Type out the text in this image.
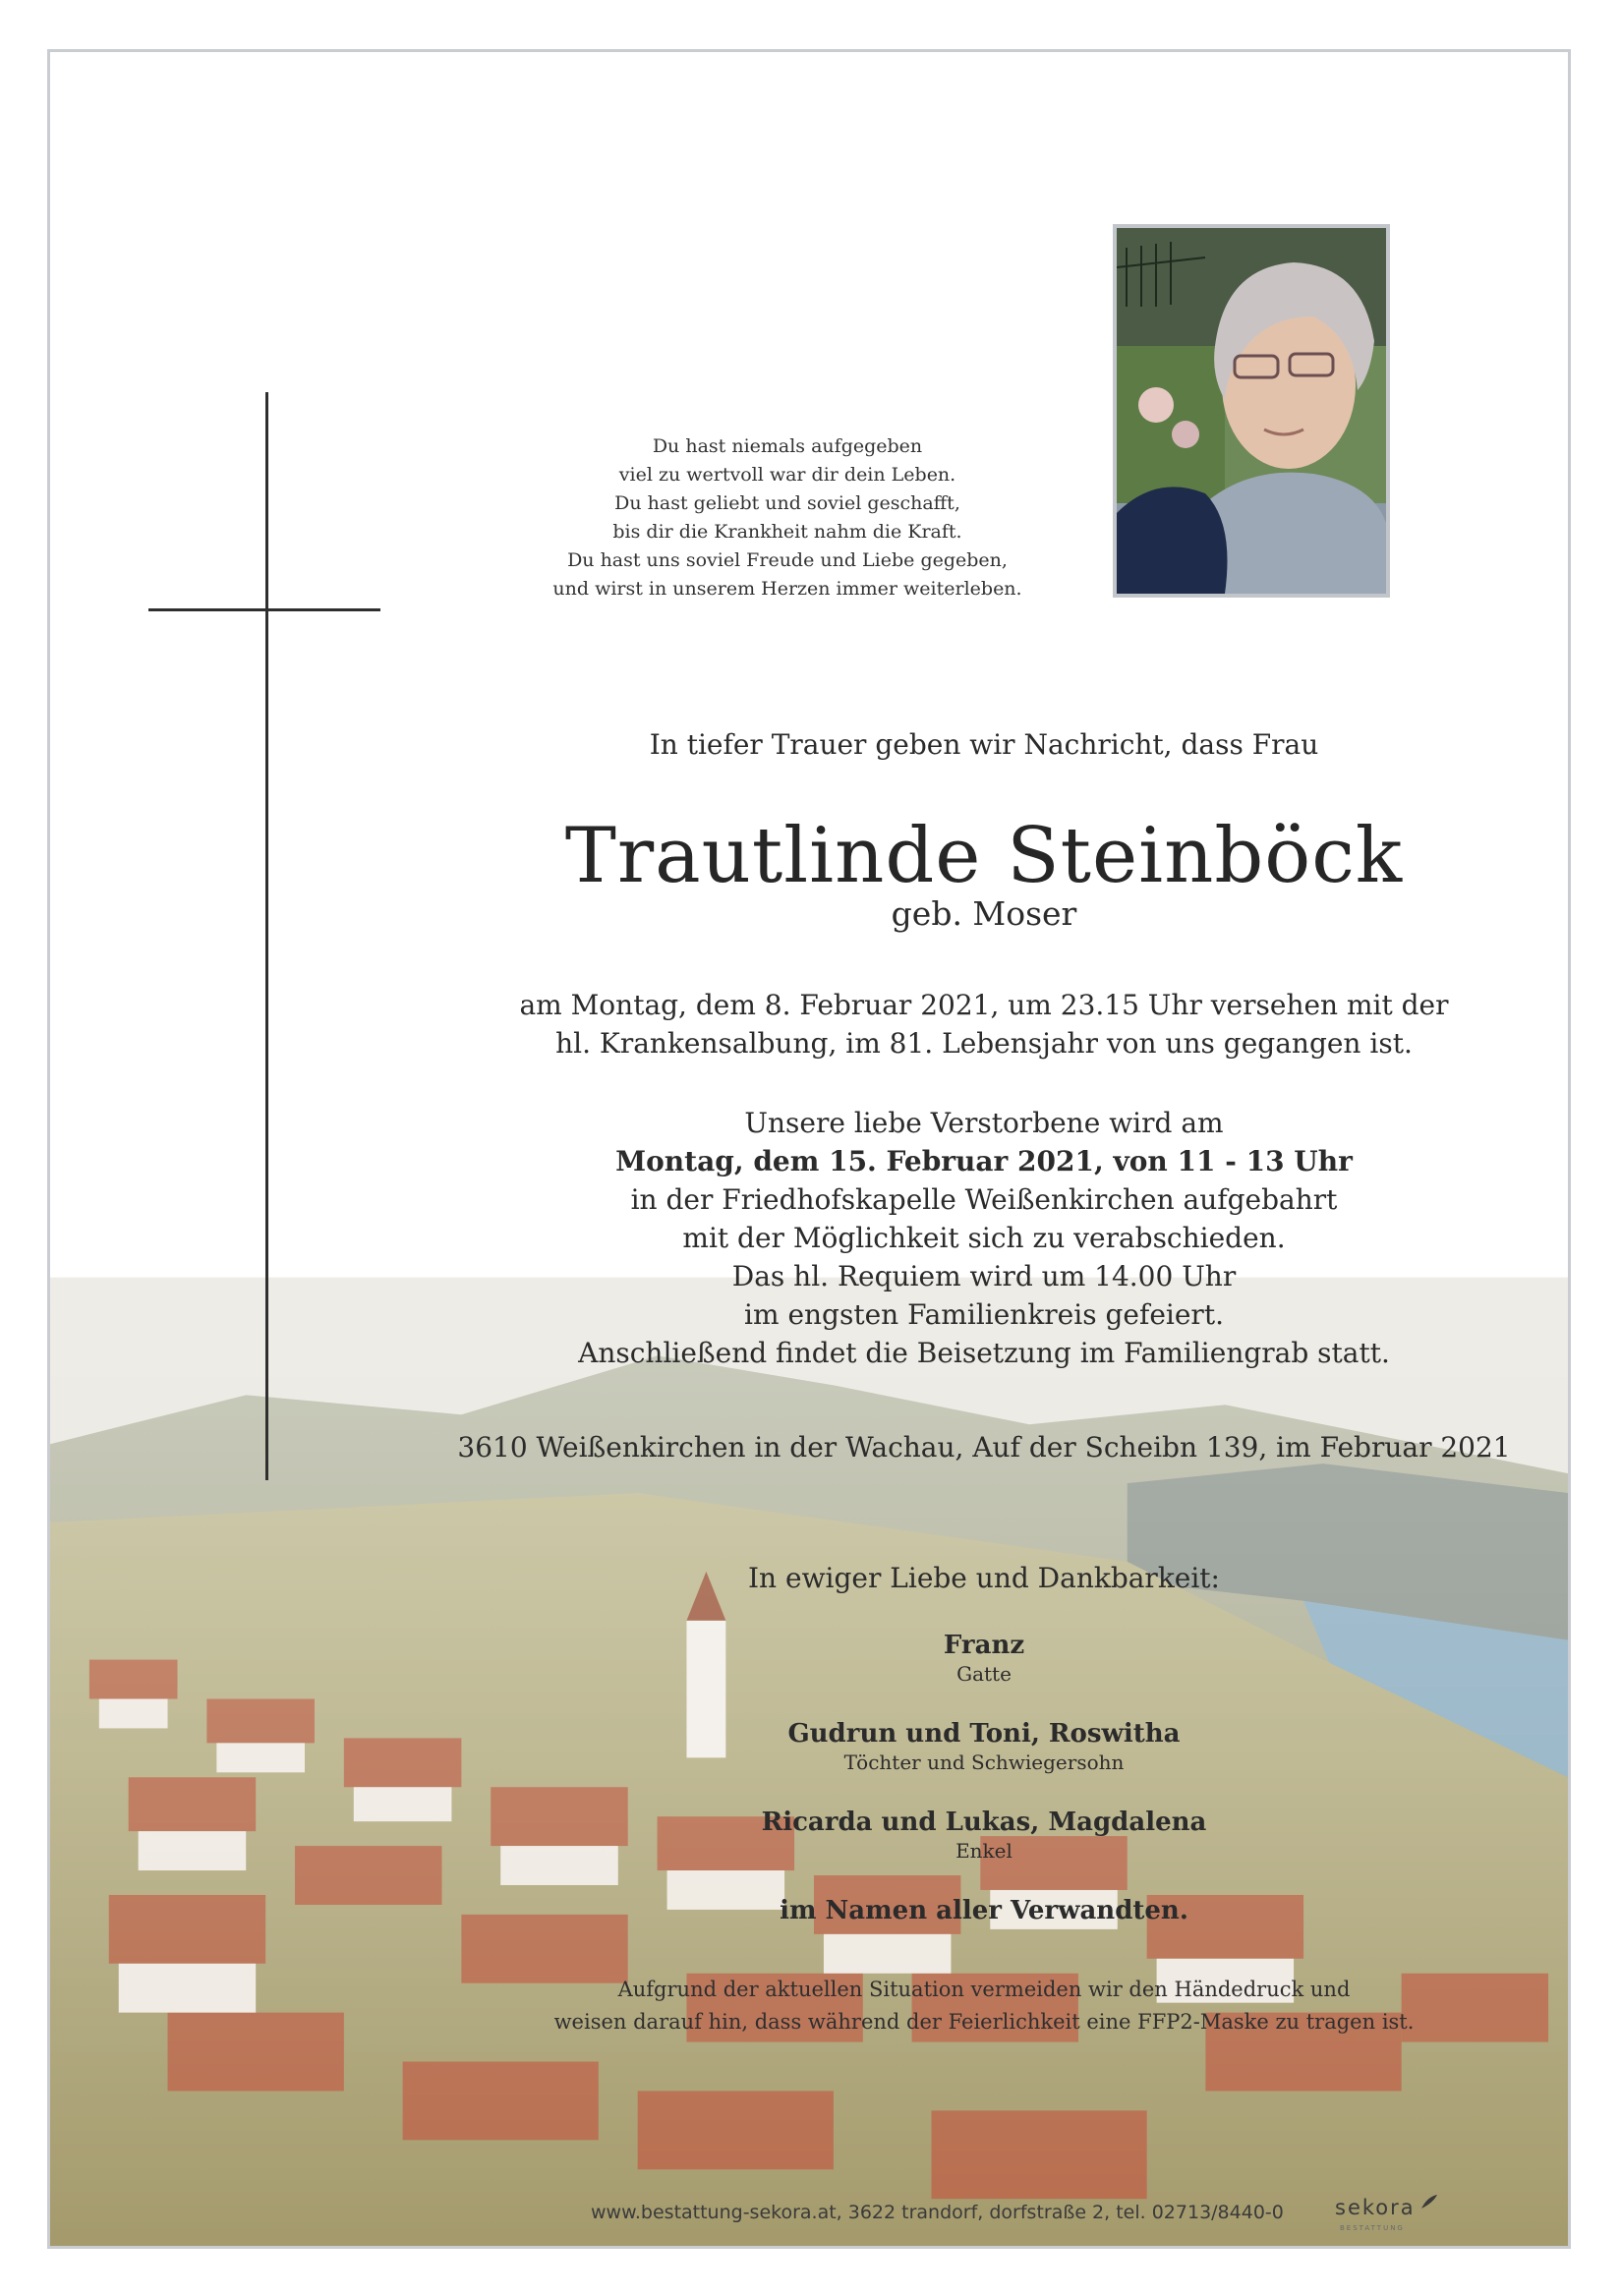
Du hast niemals aufgegeben
viel zu wertvoll war dir dein Leben.
Du hast geliebt und soviel geschafft,
bis dir die Krankheit nahm die Kraft.
Du hast uns soviel Freude und Liebe gegeben,
und wirst in unserem Herzen immer weiterleben.
In tiefer Trauer geben wir Nachricht, dass Frau
Trautlinde Steinböck
geb. Moser
am Montag, dem 8. Februar 2021, um 23.15 Uhr versehen mit der
hl. Krankensalbung, im 81. Lebensjahr von uns gegangen ist.
Unsere liebe Verstorbene wird am
Montag, dem 15. Februar 2021, von 11 - 13 Uhr
in der Friedhofskapelle Weißenkirchen aufgebahrt
mit der Möglichkeit sich zu verabschieden.
Das hl. Requiem wird um 14.00 Uhr
im engsten Familienkreis gefeiert.
Anschließend findet die Beisetzung im Familiengrab statt.
3610 Weißenkirchen in der Wachau, Auf der Scheibn 139, im Februar 2021
In ewiger Liebe und Dankbarkeit:
Franz
Gatte
Gudrun und Toni, Roswitha
Töchter und Schwiegersohn
Ricarda und Lukas, Magdalena
Enkel
im Namen aller Verwandten.
Aufgrund der aktuellen Situation vermeiden wir den Händedruck und
weisen darauf hin, dass während der Feierlichkeit eine FFP2-Maske zu tragen ist.
www.bestattung-sekora.at, 3622 trandorf, dorfstraße 2, tel. 02713/8440-0 sekora
BESTATTUNG
